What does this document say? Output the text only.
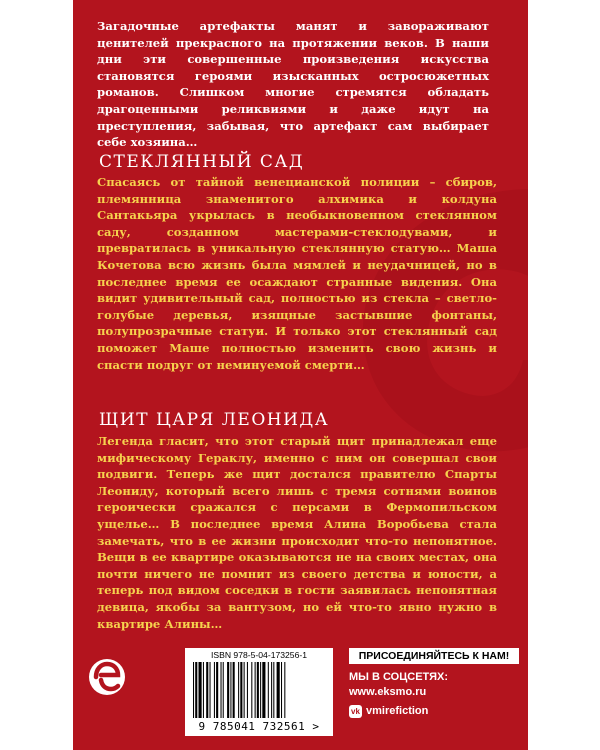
Загадочные артефакты манят и завораживают ценителей прекрасного на протяжении веков. В наши дни эти совершенные произведения искусства становятся героями изысканных остросюжетных романов. Слишком многие стремятся обладать драгоценными реликвиями и даже идут на преступления, забывая, что артефакт сам выбирает себе хозяина…
СТЕКЛЯННЫЙ САД
Спасаясь от тайной венецианской полиции – сбиров, племянница знаменитого алхимика и колдуна Сантакьяра укрылась в необыкновенном стеклянном саду, созданном мастерами-стеклодувами, и превратилась в уникальную стеклянную статую… Маша Кочетова всю жизнь была мямлей и неудачницей, но в последнее время ее осаждают странные видения. Она видит удивительный сад, полностью из стекла – светло-голубые деревья, изящные застывшие фонтаны, полупрозрачные статуи. И только этот стеклянный сад поможет Маше полностью изменить свою жизнь и спасти подруг от неминуемой смерти…
ЩИТ ЦАРЯ ЛЕОНИДА
Легенда гласит, что этот старый щит принадлежал еще мифическому Гераклу, именно с ним он совершал свои подвиги. Теперь же щит достался правителю Спарты Леониду, который всего лишь с тремя сотнями воинов героически сражался с персами в Фермопильском ущелье… В последнее время Алина Воробьева стала замечать, что в ее жизни происходит что-то непонятное. Вещи в ее квартире оказываются не на своих местах, она почти ничего не помнит из своего детства и юности, а теперь под видом соседки в гости заявилась непонятная девица, якобы за вантузом, но ей что-то явно нужно в квартире Алины…
ISBN 978-5-04-173256-1
9 785041 732561 >
ПРИСОЕДИНЯЙТЕСЬ К НАМ!
МЫ В СОЦСЕТЯХ:
www.eksmo.ru
vk vmirefiction
